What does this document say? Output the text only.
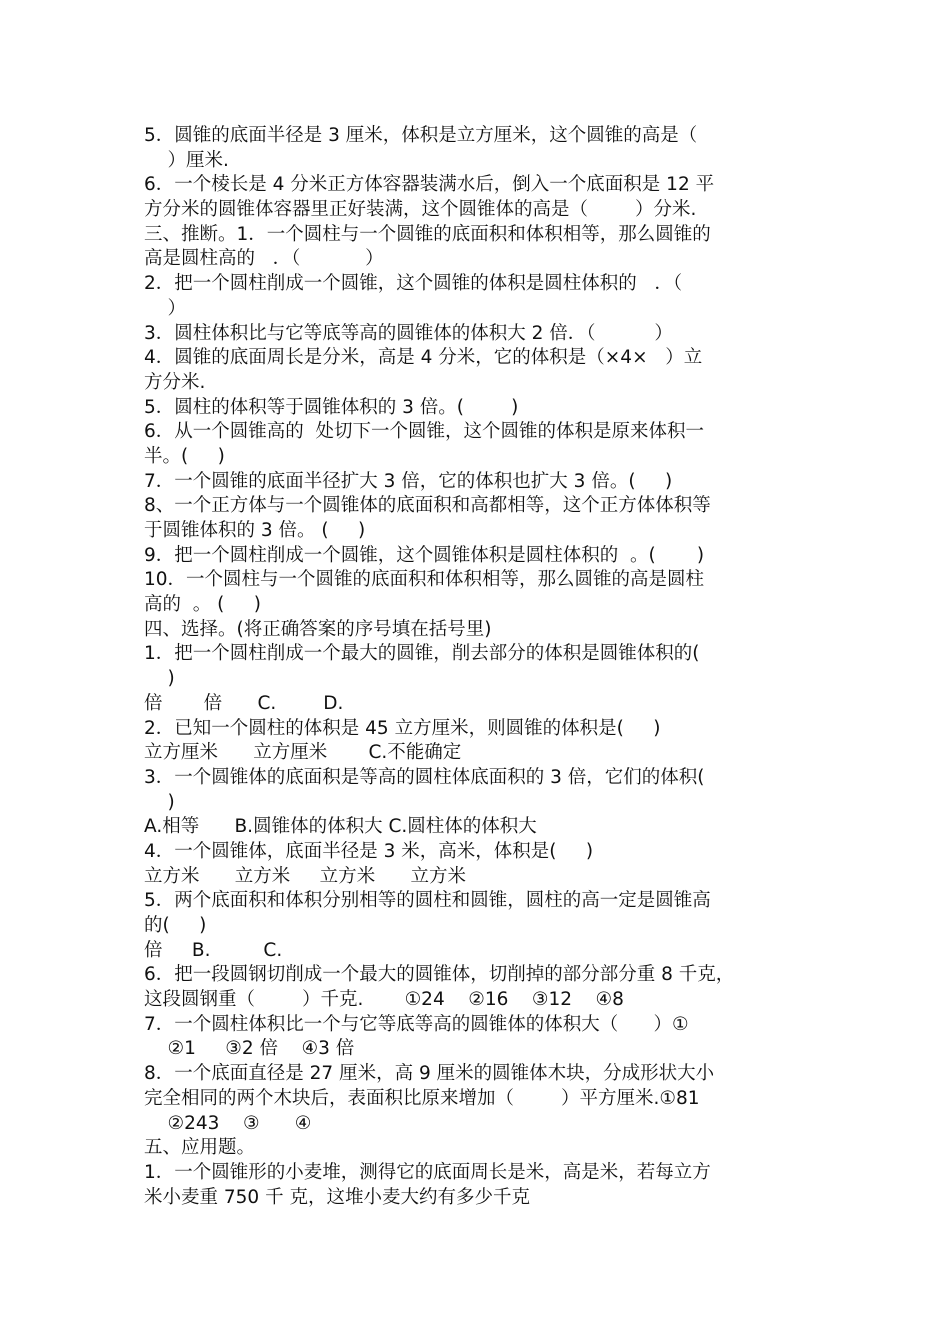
5．圆锥的底面半径是 3 厘米，体积是立方厘米，这个圆锥的高是（
）厘米.
6．一个棱长是 4 分米正方体容器装满水后，倒入一个底面积是 12 平
方分米的圆锥体容器里正好装满，这个圆锥体的高是（        ）分米.
三、推断。1．一个圆柱与一个圆锥的底面积和体积相等，那么圆锥的
高是圆柱高的   ．（           ）
2．把一个圆柱削成一个圆锥，这个圆锥的体积是圆柱体积的   ．（
）
3．圆柱体积比与它等底等高的圆锥体的体积大 2 倍．（          ）
4．圆锥的底面周长是分米，高是 4 分米，它的体积是（×4×   ）立
方分米.
5．圆柱的体积等于圆锥体积的 3 倍。(        )
6．从一个圆锥高的  处切下一个圆锥，这个圆锥的体积是原来体积一
半。(     )
7．一个圆锥的底面半径扩大 3 倍，它的体积也扩大 3 倍。(     )
8、一个正方体与一个圆锥体的底面积和高都相等，这个正方体体积等
于圆锥体积的 3 倍。 (     )
9．把一个圆柱削成一个圆锥，这个圆锥体积是圆柱体积的  。(       )
10．一个圆柱与一个圆锥的底面积和体积相等，那么圆锥的高是圆柱
高的  。 (     )
四、选择。(将正确答案的序号填在括号里)
1．把一个圆柱削成一个最大的圆锥，削去部分的体积是圆锥体积的(
)
倍       倍      C.        D.
2．已知一个圆柱的体积是 45 立方厘米，则圆锥的体积是(     )
立方厘米      立方厘米       C.不能确定
3．一个圆锥体的底面积是等高的圆柱体底面积的 3 倍，它们的体积(
)
A.相等      B.圆锥体的体积大 C.圆柱体的体积大
4．一个圆锥体，底面半径是 3 米，高米，体积是(     )
立方米      立方米     立方米      立方米
5．两个底面积和体积分别相等的圆柱和圆锥，圆柱的高一定是圆锥高
的(     )
倍     B.         C.
6．把一段圆钢切削成一个最大的圆锥体，切削掉的部分部分重 8 千克，
这段圆钢重（        ）千克.       ①24    ②16    ③12    ④8
7．一个圆柱体积比一个与它等底等高的圆锥体的体积大（      ）①
②1     ③2 倍    ④3 倍
8．一个底面直径是 27 厘米，高 9 厘米的圆锥体木块，分成形状大小
完全相同的两个木块后，表面积比原来增加（        ）平方厘米.①81
②243    ③      ④
五、应用题。
1．一个圆锥形的小麦堆，测得它的底面周长是米，高是米，若每立方
米小麦重 750 千 克，这堆小麦大约有多少千克
